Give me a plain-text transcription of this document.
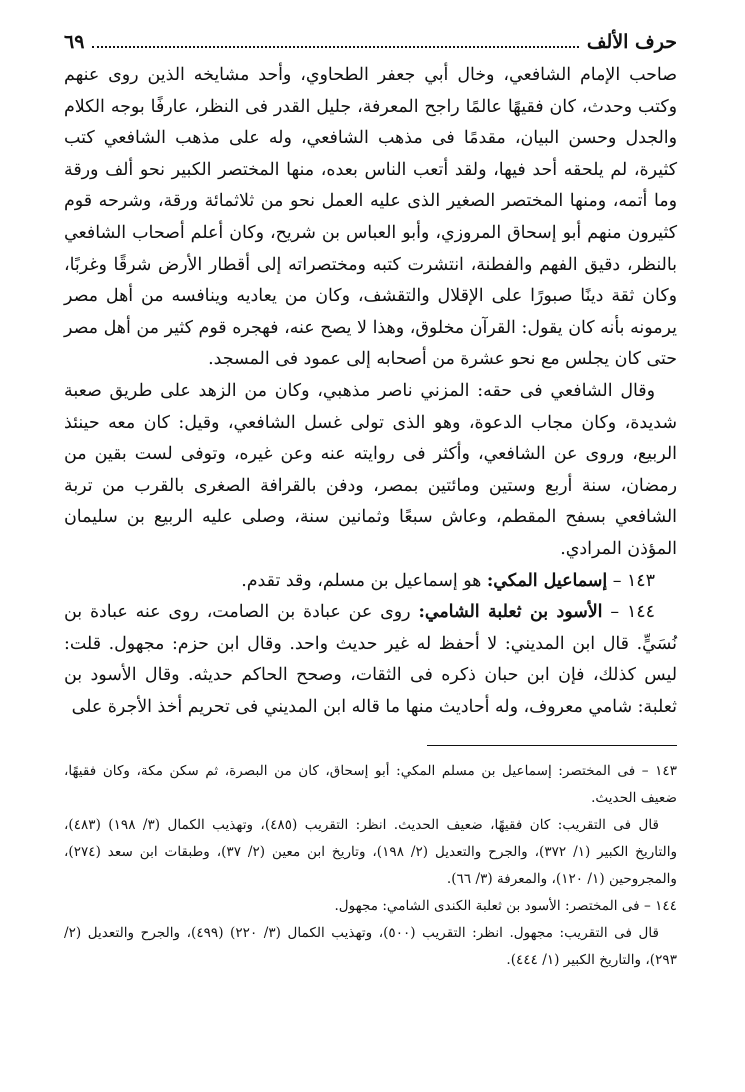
حرف الألف
٦٩

صاحب الإمام الشافعي، وخال أبي جعفر الطحاوي، وأحد مشايخه الذين روى عنهم وكتب وحدث، كان فقيهًا عالمًا راجح المعرفة، جليل القدر فى النظر، عارفًا بوجه الكلام والجدل وحسن البيان، مقدمًا فى مذهب الشافعي، وله على مذهب الشافعي كتب كثيرة، لم يلحقه أحد فيها، ولقد أتعب الناس بعده، منها المختصر الكبير نحو ألف ورقة وما أتمه، ومنها المختصر الصغير الذى عليه العمل نحو من ثلاثمائة ورقة، وشرحه قوم كثيرون منهم أبو إسحاق المروزي، وأبو العباس بن شريح، وكان أعلم أصحاب الشافعي بالنظر، دقيق الفهم والفطنة، انتشرت كتبه ومختصراته إلى أقطار الأرض شرقًا وغربًا، وكان ثقة دينًا صبورًا على الإقلال والتقشف، وكان من يعاديه وينافسه من أهل مصر يرمونه بأنه كان يقول: القرآن مخلوق، وهذا لا يصح عنه، فهجره قوم كثير من أهل مصر حتى كان يجلس مع نحو عشرة من أصحابه إلى عمود فى المسجد.

وقال الشافعي فى حقه: المزني ناصر مذهبي، وكان من الزهد على طريق صعبة شديدة، وكان مجاب الدعوة، وهو الذى تولى غسل الشافعي، وقيل: كان معه حينئذ الربيع، وروى عن الشافعي، وأكثر فى روايته عنه وعن غيره، وتوفى لست بقين من رمضان، سنة أربع وستين ومائتين بمصر، ودفن بالقرافة الصغرى بالقرب من تربة الشافعي بسفح المقطم، وعاش سبعًا وثمانين سنة، وصلى عليه الربيع بن سليمان المؤذن المرادي.

١٤٣ – إسماعيل المكي: هو إسماعيل بن مسلم، وقد تقدم.

١٤٤ – الأسود بن ثعلبة الشامي: روى عن عبادة بن الصامت، روى عنه عبادة بن نُسَيٍّ. قال ابن المديني: لا أحفظ له غير حديث واحد. وقال ابن حزم: مجهول. قلت: ليس كذلك، فإن ابن حبان ذكره فى الثقات، وصحح الحاكم حديثه. وقال الأسود بن ثعلبة: شامي معروف، وله أحاديث منها ما قاله ابن المديني فى تحريم أخذ الأجرة على

١٤٣ – فى المختصر: إسماعيل بن مسلم المكي: أبو إسحاق، كان من البصرة، ثم سكن مكة، وكان فقيهًا، ضعيف الحديث.

قال فى التقريب: كان فقيهًا، ضعيف الحديث. انظر: التقريب (٤٨٥)، وتهذيب الكمال (٣/ ١٩٨) (٤٨٣)، والتاريخ الكبير (١/ ٣٧٢)، والجرح والتعديل (٢/ ١٩٨)، وتاريخ ابن معين (٢/ ٣٧)، وطبقات ابن سعد (٢٧٤)، والمجروحين (١/ ١٢٠)، والمعرفة (٣/ ٦٦).

١٤٤ – فى المختصر: الأسود بن ثعلبة الكندى الشامي: مجهول.

قال فى التقريب: مجهول. انظر: التقريب (٥٠٠)، وتهذيب الكمال (٣/ ٢٢٠) (٤٩٩)، والجرح والتعديل (٢/ ٢٩٣)، والتاريخ الكبير (١/ ٤٤٤).
